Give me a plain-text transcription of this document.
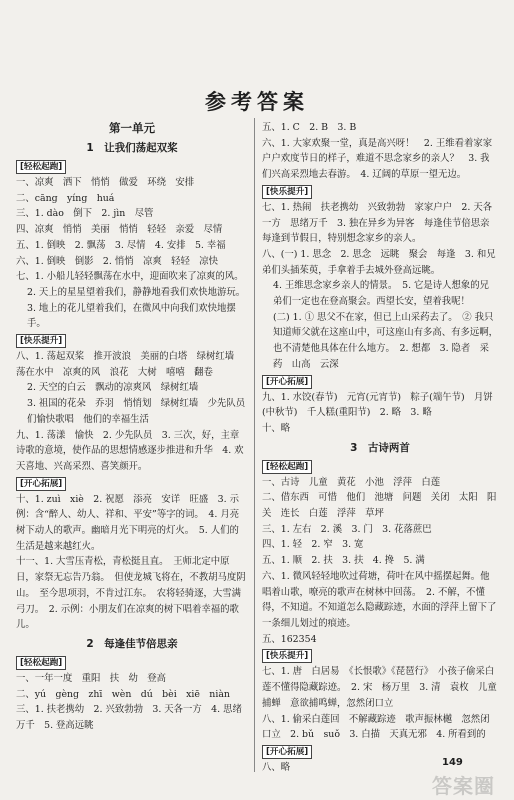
参考答案
第一单元
1　让我们荡起双桨
[轻松起跑]
一、凉爽　洒下　悄悄　做爱　环绕　安排
二、cāng　yíng　huá
三、1. dào　倒下　2. jìn　尽管
四、凉爽　悄悄　美丽　悄悄　轻轻　亲爱　尽情
五、1. 倒映　2. 飘荡　3. 尽情　4. 安排　5. 幸福
六、1. 倒映　倒影　2. 悄悄　凉爽　轻轻　凉快
七、1. 小船儿轻轻飘荡在水中，迎面吹来了凉爽的风。
2. 天上的星星望着我们，静静地看我们欢快地游玩。　3. 地上的花儿望着我们，在微风中向我们欢快地摆手。
[快乐提升]
八、1. 荡起双桨　推开波浪　美丽的白塔　绿树红墙　荡在水中　凉爽的风　浪花　大树　嘻嘻　翻卷
2. 天空的白云　飘动的凉爽风　绿树红墙
3. 祖国的花朵　乔羽　悄悄划　绿树红墙　少先队员们愉快歌唱　他们的幸福生活
九、1. 荡漾　愉快　2. 少先队员　3. 三次，好，主章诗歌的意境，使作品的思想情感逐步推进和升华　4. 欢天喜地、兴高采烈、喜笑颜开。
[开心拓展]
十、1. zuì　xiè　2. 祝愿　添亮　安详　旺盛　3. 示例：含“醉人、幼人、祥和、平安”等字的词。　4. 月亮树下动人的歌声。幽暗月光下明亮的灯火。　5. 人们的生活是越来越红火。
十一、1. 大雪压青松，青松挺且直。　王师北定中原日，家祭无忘告乃翁。　但使龙城飞将在，不教胡马度阴山。　至今思项羽，不肯过江东。　农将轻骑逐，大雪满弓刀。　2. 示例：小朋友们在凉爽的树下唱着幸福的歌儿。
2　每逢佳节倍思亲
[轻松起跑]
一、一年一度　重阳　扶　幼　登高
二、yú　gèng　zhī　wèn　dú　bèi　xiē　niàn
三、1. 扶老携幼　2. 兴致勃勃　3. 天各一方　4. 思绪万千　5. 登高远眺
五、1. C　2. B　3. B
六、1. 大家欢聚一堂，真是高兴呀！　2. 王维看着家家户户欢度节日的样子，难道不思念家乡的亲人？　3. 我们兴高采烈地去春游。　4. 辽阔的草原一望无边。
[快乐提升]
七、1. 热闹　扶老携幼　兴致勃勃　家家户户　2. 天各一方　思绪万千　3. 独在异乡为异客　每逢佳节倍思亲　每逢到节假日，特别想念家乡的亲人。
八、(一) 1. 思念　2. 思念　远眺　聚会　每逢　3. 和兄弟们头插茱萸，手拿着手去城外登高远眺。
4. 王维思念家乡亲人的情景。　5. 它是诗人想象的兄弟们一定也在登高聚会。西望长安，望着我呢！
(二) 1. ① 思父不在家，但已上山采药去了。　② 我只知道师父就在这座山中，可这座山有多高、有多远啊，也不清楚他具体在什么地方。　2. 想都　3. 隐者　采药　山高　云深
[开心拓展]
九、1. 水饺(春节)　元宵(元宵节)　粽子(端午节)　月饼(中秋节)　千人糕(重阳节)　2. 略　3. 略
十、略
3　古诗两首
[轻松起跑]
一、古诗　儿童　黄花　小池　浮萍　白莲
二、借东西　可惜　他们　池塘　问题　关闭　太阳　阳关　连长　白莲　浮萍　草坪
三、1. 左右　2. 溪　3. 门　3. 花落蔗巴
四、1. 轻　2. 窄　3. 宽
五、1. 顺　2. 扶　3. 扶　4. 搀　5. 满
六、1. 微风轻轻地吹过荷塘，荷叶在风中摇摆起舞。他唱着山歌，嘹亮的歌声在树林中回荡。　2. 不解，不懂得，不知道。不知道怎么隐藏踪迹，水面的浮萍上留下了一条细儿划过的痕迹。
五、162354
[快乐提升]
七、1. 唐　白居易　《长恨歌》《琵琶行》　小孩子偷采白莲不懂得隐藏踪迹。　2. 宋　杨万里　3. 清　袁枚　儿童捕蝉　意欲捕鸣蝉，忽然闭口立
八、1. 偷采白莲回　不解藏踪迹　歌声振林樾　忽然闭口立　2. bǔ　suǒ　3. 白描　天真无邪　4. 所看到的
[开心拓展]
八、略	149
答案圈
